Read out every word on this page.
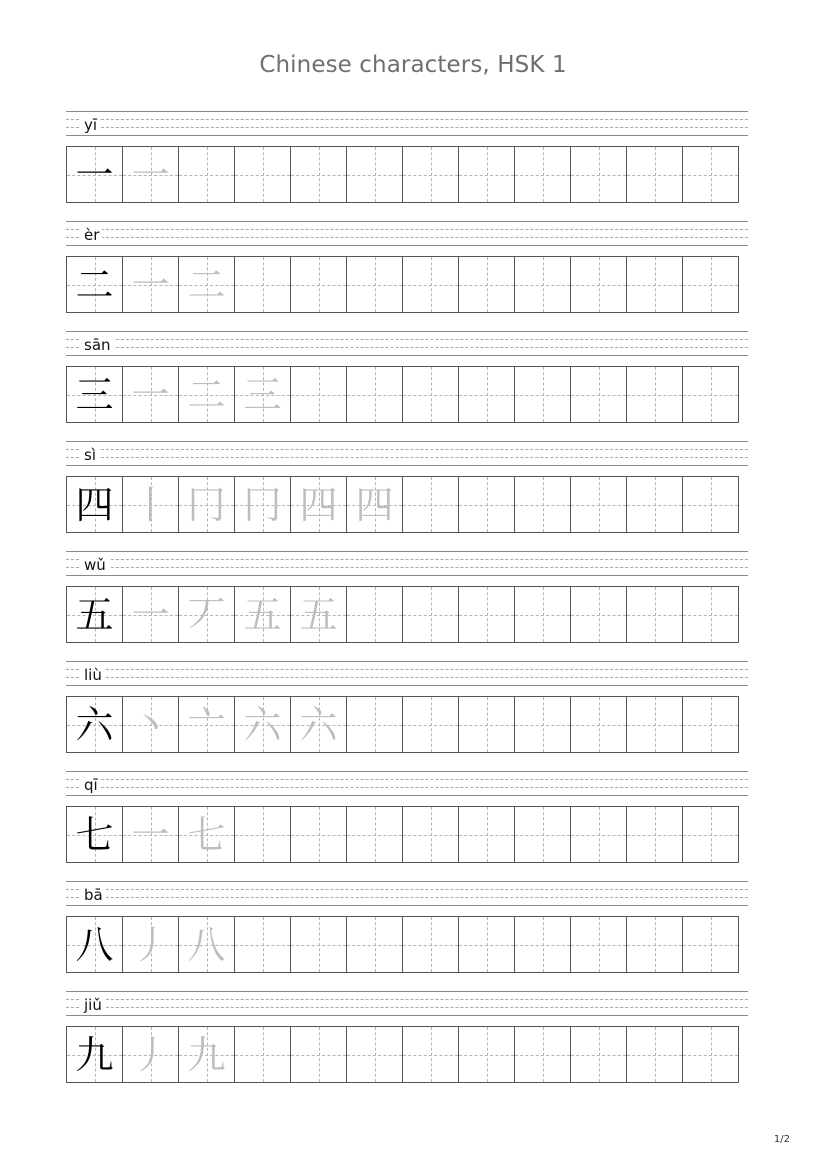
Chinese characters, HSK 1
yī
一 一
èr
二 一 二
sān
三 一 二 三
sì
四 丨 冂 冂 四 四
wǔ
五 一 丆 五 五
liù
六 丶 亠 六 六
qī
七 一 七
bā
八 丿 八
jiǔ
九 丿 九
1/2
